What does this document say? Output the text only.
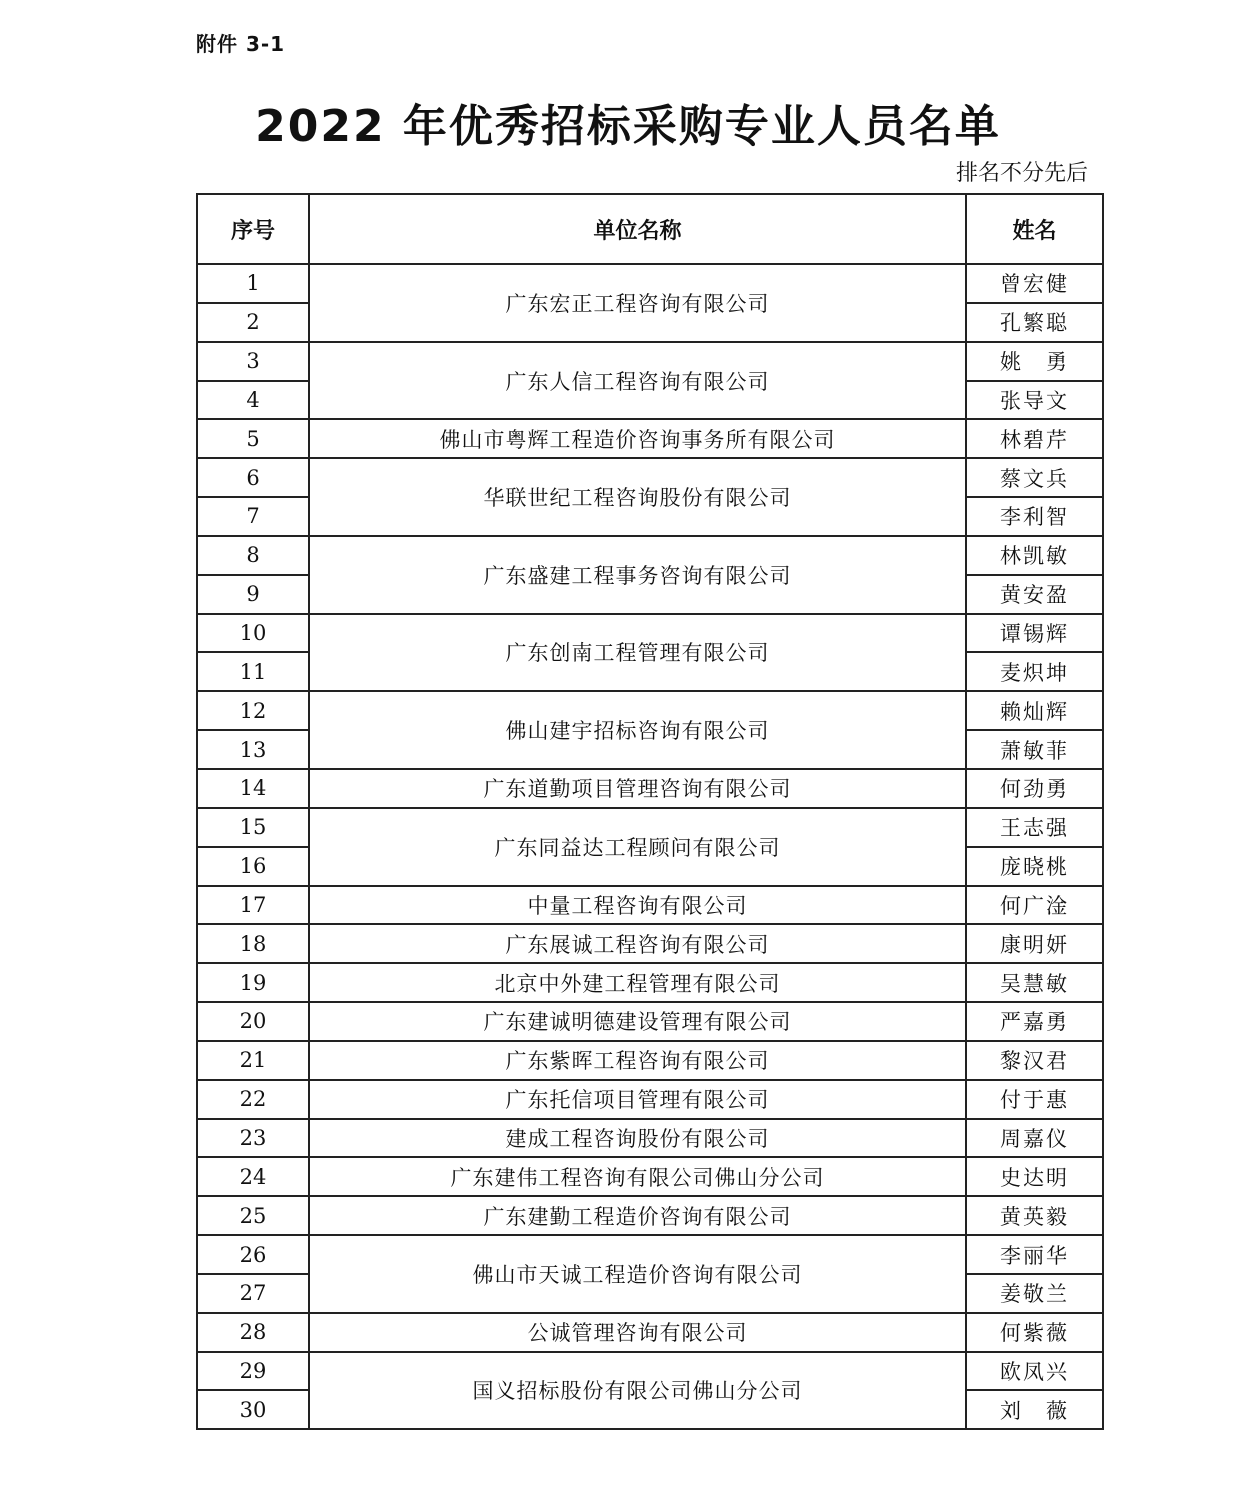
附件 3-1
2022 年优秀招标采购专业人员名单
排名不分先后
序号	单位名称	姓名
1	广东宏正工程咨询有限公司	曾宏健
2		孔繁聪
3	广东人信工程咨询有限公司	姚　勇
4		张导文
5	佛山市粤辉工程造价咨询事务所有限公司	林碧芹
6	华联世纪工程咨询股份有限公司	蔡文兵
7		李利智
8	广东盛建工程事务咨询有限公司	林凯敏
9		黄安盈
10	广东创南工程管理有限公司	谭锡辉
11		麦炽坤
12	佛山建宇招标咨询有限公司	赖灿辉
13		萧敏菲
14	广东道勤项目管理咨询有限公司	何劲勇
15	广东同益达工程顾问有限公司	王志强
16		庞晓桃
17	中量工程咨询有限公司	何广淦
18	广东展诚工程咨询有限公司	康明妍
19	北京中外建工程管理有限公司	吴慧敏
20	广东建诚明德建设管理有限公司	严嘉勇
21	广东紫晖工程咨询有限公司	黎汉君
22	广东托信项目管理有限公司	付于惠
23	建成工程咨询股份有限公司	周嘉仪
24	广东建伟工程咨询有限公司佛山分公司	史达明
25	广东建勤工程造价咨询有限公司	黄英毅
26	佛山市天诚工程造价咨询有限公司	李丽华
27		姜敬兰
28	公诚管理咨询有限公司	何紫薇
29	国义招标股份有限公司佛山分公司	欧凤兴
30		刘　薇
